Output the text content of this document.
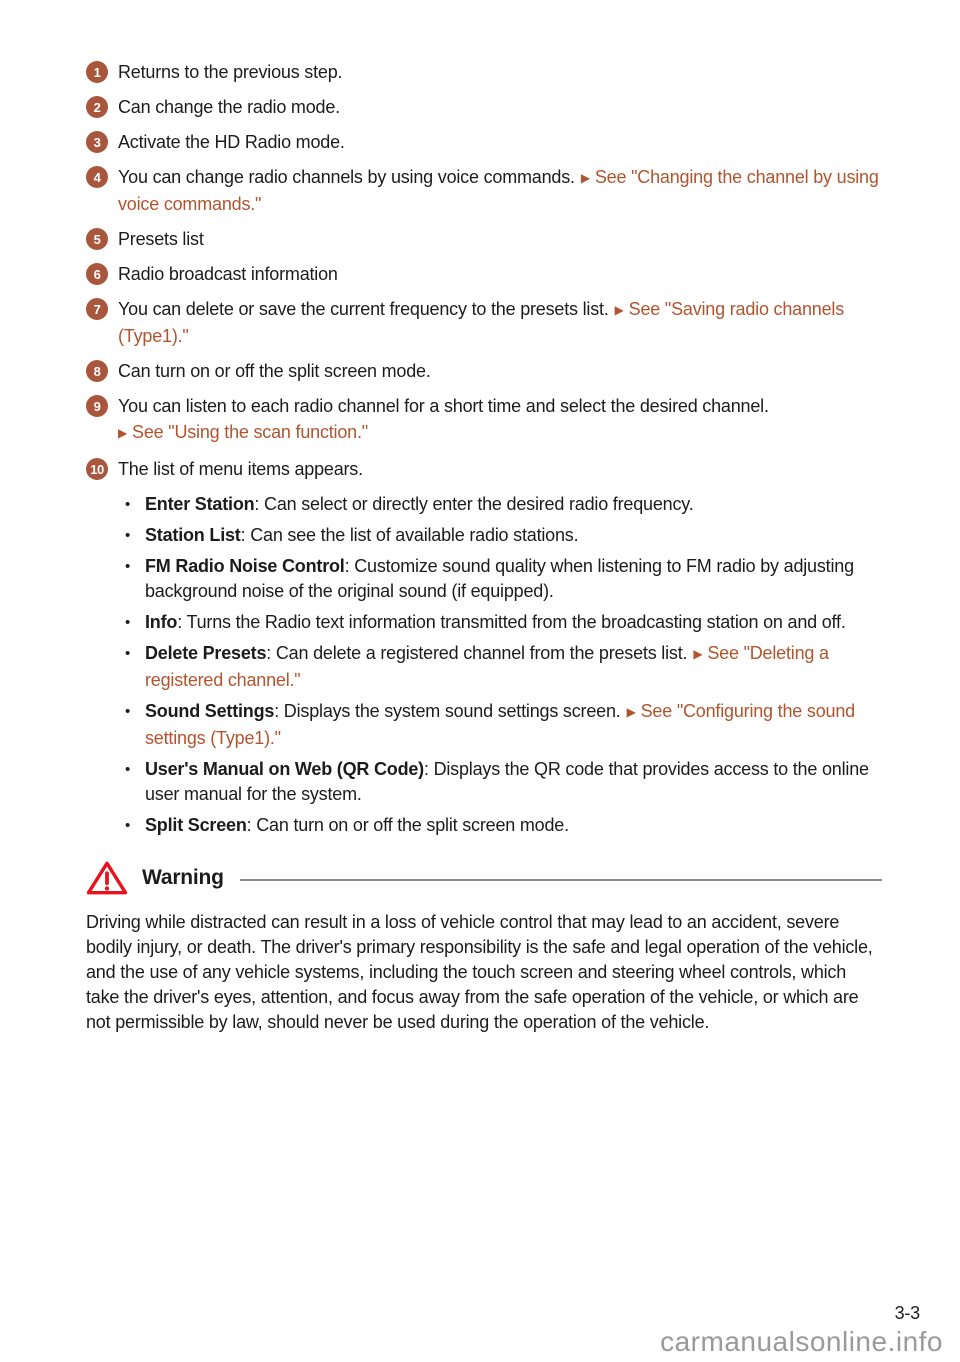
1 Returns to the previous step.
2 Can change the radio mode.
3 Activate the HD Radio mode.
4 You can change radio channels by using voice commands. ▶ See "Changing the channel by using voice commands."
5 Presets list
6 Radio broadcast information
7 You can delete or save the current frequency to the presets list. ▶ See "Saving radio channels (Type1)."
8 Can turn on or off the split screen mode.
9 You can listen to each radio channel for a short time and select the desired channel.
▶ See "Using the scan function."
10 The list of menu items appears.
• Enter Station: Can select or directly enter the desired radio frequency.
• Station List: Can see the list of available radio stations.
• FM Radio Noise Control: Customize sound quality when listening to FM radio by adjusting background noise of the original sound (if equipped).
• Info: Turns the Radio text information transmitted from the broadcasting station on and off.
• Delete Presets: Can delete a registered channel from the presets list. ▶ See "Deleting a registered channel."
• Sound Settings: Displays the system sound settings screen. ▶ See "Configuring the sound settings (Type1)."
• User's Manual on Web (QR Code): Displays the QR code that provides access to the online user manual for the system.
• Split Screen: Can turn on or off the split screen mode.
Warning

Driving while distracted can result in a loss of vehicle control that may lead to an accident, severe bodily injury, or death. The driver's primary responsibility is the safe and legal operation of the vehicle, and the use of any vehicle systems, including the touch screen and steering wheel controls, which take the driver's eyes, attention, and focus away from the safe operation of the vehicle, or which are not permissible by law, should never be used during the operation of the vehicle.

3-3
carmanualsonline.info
